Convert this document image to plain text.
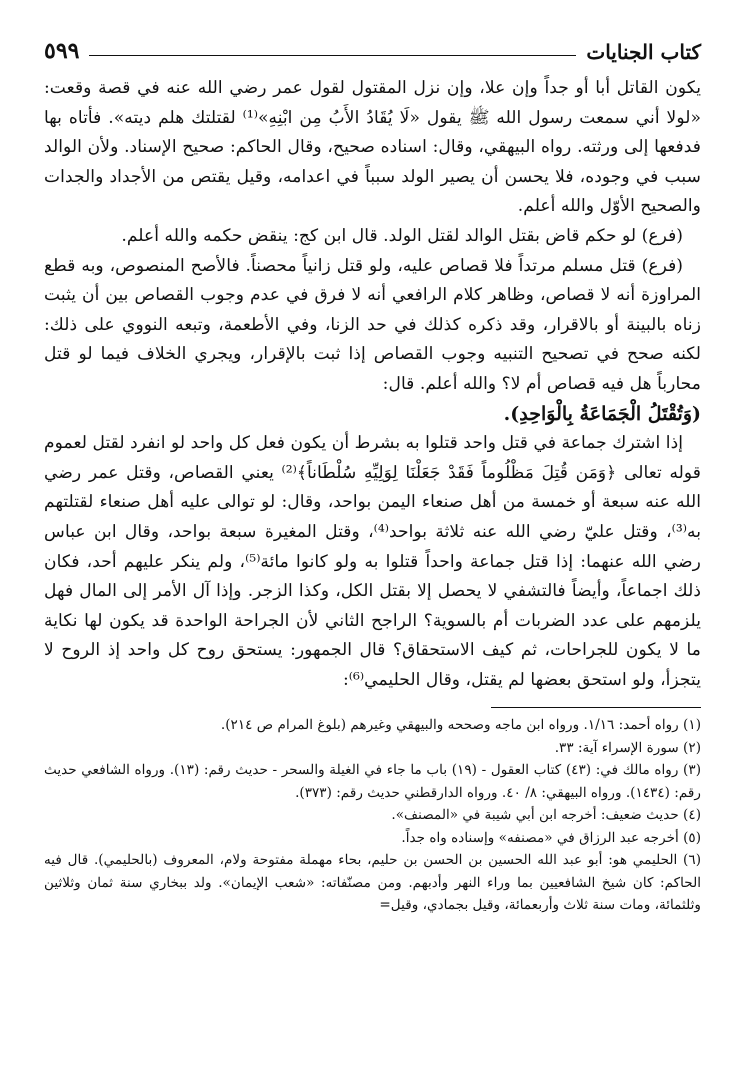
كتاب الجنايات
٥٩٩

يكون القاتل أبا أو جداً وإن علا، وإن نزل المقتول لقول عمر رضي الله عنه في قصة وقعت: «لولا أني سمعت رسول الله ﷺ يقول «لَا يُقَادُ الأَبُ مِن ابْنِهِ»⁽¹⁾ لقتلتك هلم ديته». فأتاه بها فدفعها إلى ورثته. رواه البيهقي، وقال: اسناده صحيح، وقال الحاكم: صحيح الإسناد. ولأن الوالد سبب في وجوده، فلا يحسن أن يصير الولد سبباً في اعدامه، وقيل يقتص من الأجداد والجدات والصحيح الأوّل والله أعلم.

(فرع) لو حكم قاض بقتل الوالد لقتل الولد. قال ابن كج: ينقض حكمه والله أعلم.

(فرع) قتل مسلم مرتداً فلا قصاص عليه، ولو قتل زانياً محصناً. فالأصح المنصوص، وبه قطع المراوزة أنه لا قصاص، وظاهر كلام الرافعي أنه لا فرق في عدم وجوب القصاص بين أن يثبت زناه بالبينة أو بالاقرار، وقد ذكره كذلك في حد الزنا، وفي الأطعمة، وتبعه النووي على ذلك: لكنه صحح في تصحيح التنبيه وجوب القصاص إذا ثبت بالإقرار، ويجري الخلاف فيما لو قتل محارباً هل فيه قصاص أم لا؟ والله أعلم. قال:

(وَتُقْتَلُ الْجَمَاعَةُ بِالْوَاحِدِ).

إذا اشترك جماعة في قتل واحد قتلوا به بشرط أن يكون فعل كل واحد لو انفرد لقتل لعموم قوله تعالى ﴿وَمَن قُتِلَ مَظْلُوماً فَقَدْ جَعَلْنَا لِوَلِيِّهِ سُلْطَاناً﴾⁽²⁾ يعني القصاص، وقتل عمر رضي الله عنه سبعة أو خمسة من أهل صنعاء اليمن بواحد، وقال: لو توالى عليه أهل صنعاء لقتلتهم به⁽³⁾، وقتل عليّ رضي الله عنه ثلاثة بواحد⁽⁴⁾، وقتل المغيرة سبعة بواحد، وقال ابن عباس رضي الله عنهما: إذا قتل جماعة واحداً قتلوا به ولو كانوا مائة⁽⁵⁾، ولم ينكر عليهم أحد، فكان ذلك اجماعاً، وأيضاً فالتشفي لا يحصل إلا بقتل الكل، وكذا الزجر. وإذا آل الأمر إلى المال فهل يلزمهم على عدد الضربات أم بالسوية؟ الراجح الثاني لأن الجراحة الواحدة قد يكون لها نكاية ما لا يكون للجراحات، ثم كيف الاستحقاق؟ قال الجمهور: يستحق روح كل واحد إذ الروح لا يتجزأ، ولو استحق بعضها لم يقتل، وقال الحليمي⁽⁶⁾:

(١) رواه أحمد: ١/١٦. ورواه ابن ماجه وصححه والبيهقي وغيرهم (بلوغ المرام ص ٢١٤).

(٢) سورة الإسراء آية: ٣٣.

(٣) رواه مالك في: (٤٣) كتاب العقول - (١٩) باب ما جاء في الغيلة والسحر - حديث رقم: (١٣). ورواه الشافعي حديث رقم: (١٤٣٤). ورواه البيهقي: ٨/ ٤٠. ورواه الدارقطني حديث رقم: (٣٧٣).

(٤) حديث ضعيف: أخرجه ابن أبي شيبة في «المصنف».

(٥) أخرجه عبد الرزاق في «مصنفه» وإسناده واه جداً.

(٦) الحليمي هو: أبو عبد الله الحسين بن الحسن بن حليم، بحاء مهملة مفتوحة ولام، المعروف (بالحليمي). قال فيه الحاكم: كان شيخ الشافعيين بما وراء النهر وأدبهم. ومن مصنّفاته: «شعب الإيمان». ولد ببخاري سنة ثمان وثلاثين وثلثمائة، ومات سنة ثلاث وأربعمائة، وقيل بجمادي، وقيل=
